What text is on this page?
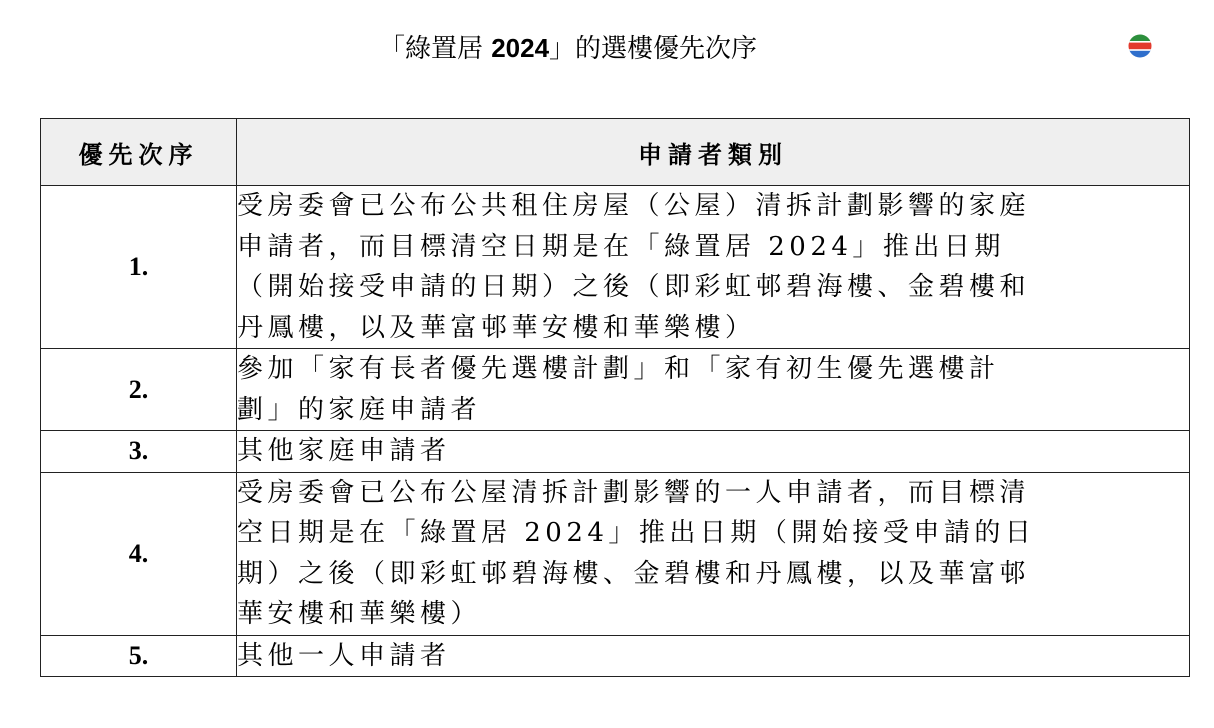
「綠置居 2024」的選樓優先次序
優先次序	申請者類別
1.	受房委會已公布公共租住房屋（公屋）清拆計劃影響的家庭
申請者，而目標清空日期是在「綠置居 2024」推出日期
（開始接受申請的日期）之後（即彩虹邨碧海樓、金碧樓和
丹鳳樓，以及華富邨華安樓和華樂樓）

2.	參加「家有長者優先選樓計劃」和「家有初生優先選樓計
劃」的家庭申請者

3.	其他家庭申請者

4.	受房委會已公布公屋清拆計劃影響的一人申請者，而目標清
空日期是在「綠置居 2024」推出日期（開始接受申請的日
期）之後（即彩虹邨碧海樓、金碧樓和丹鳳樓，以及華富邨
華安樓和華樂樓）

5.	其他一人申請者
